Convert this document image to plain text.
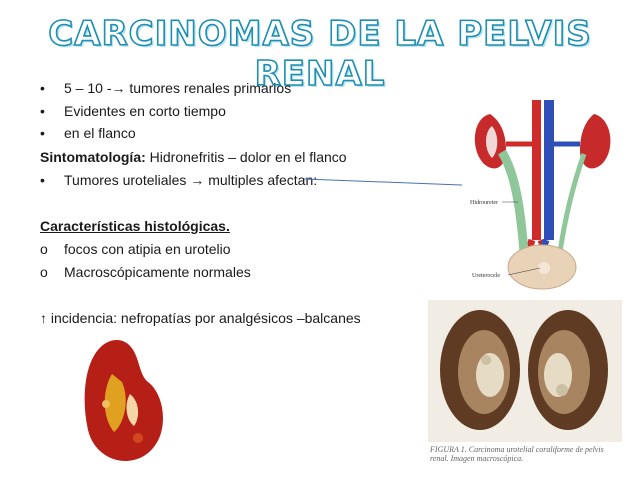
CARCINOMAS DE LA PELVIS RENAL
• 5 – 10 -→ tumores renales primarios
• Evidentes en corto tiempo
• en el flanco
Sintomatología: Hidronefritis – dolor en el flanco
• Tumores uroteliales → multiples afectan:
Características histológicas.
o focos con atipia en urotelio
o Macroscópicamente normales
↑ incidencia: nefropatías por analgésicos –balcanes
Hidroureter
Ureterocele
FIGURA 1. Carcinoma urotelial coraliforme de pelvis renal. Imagen macroscópica.
